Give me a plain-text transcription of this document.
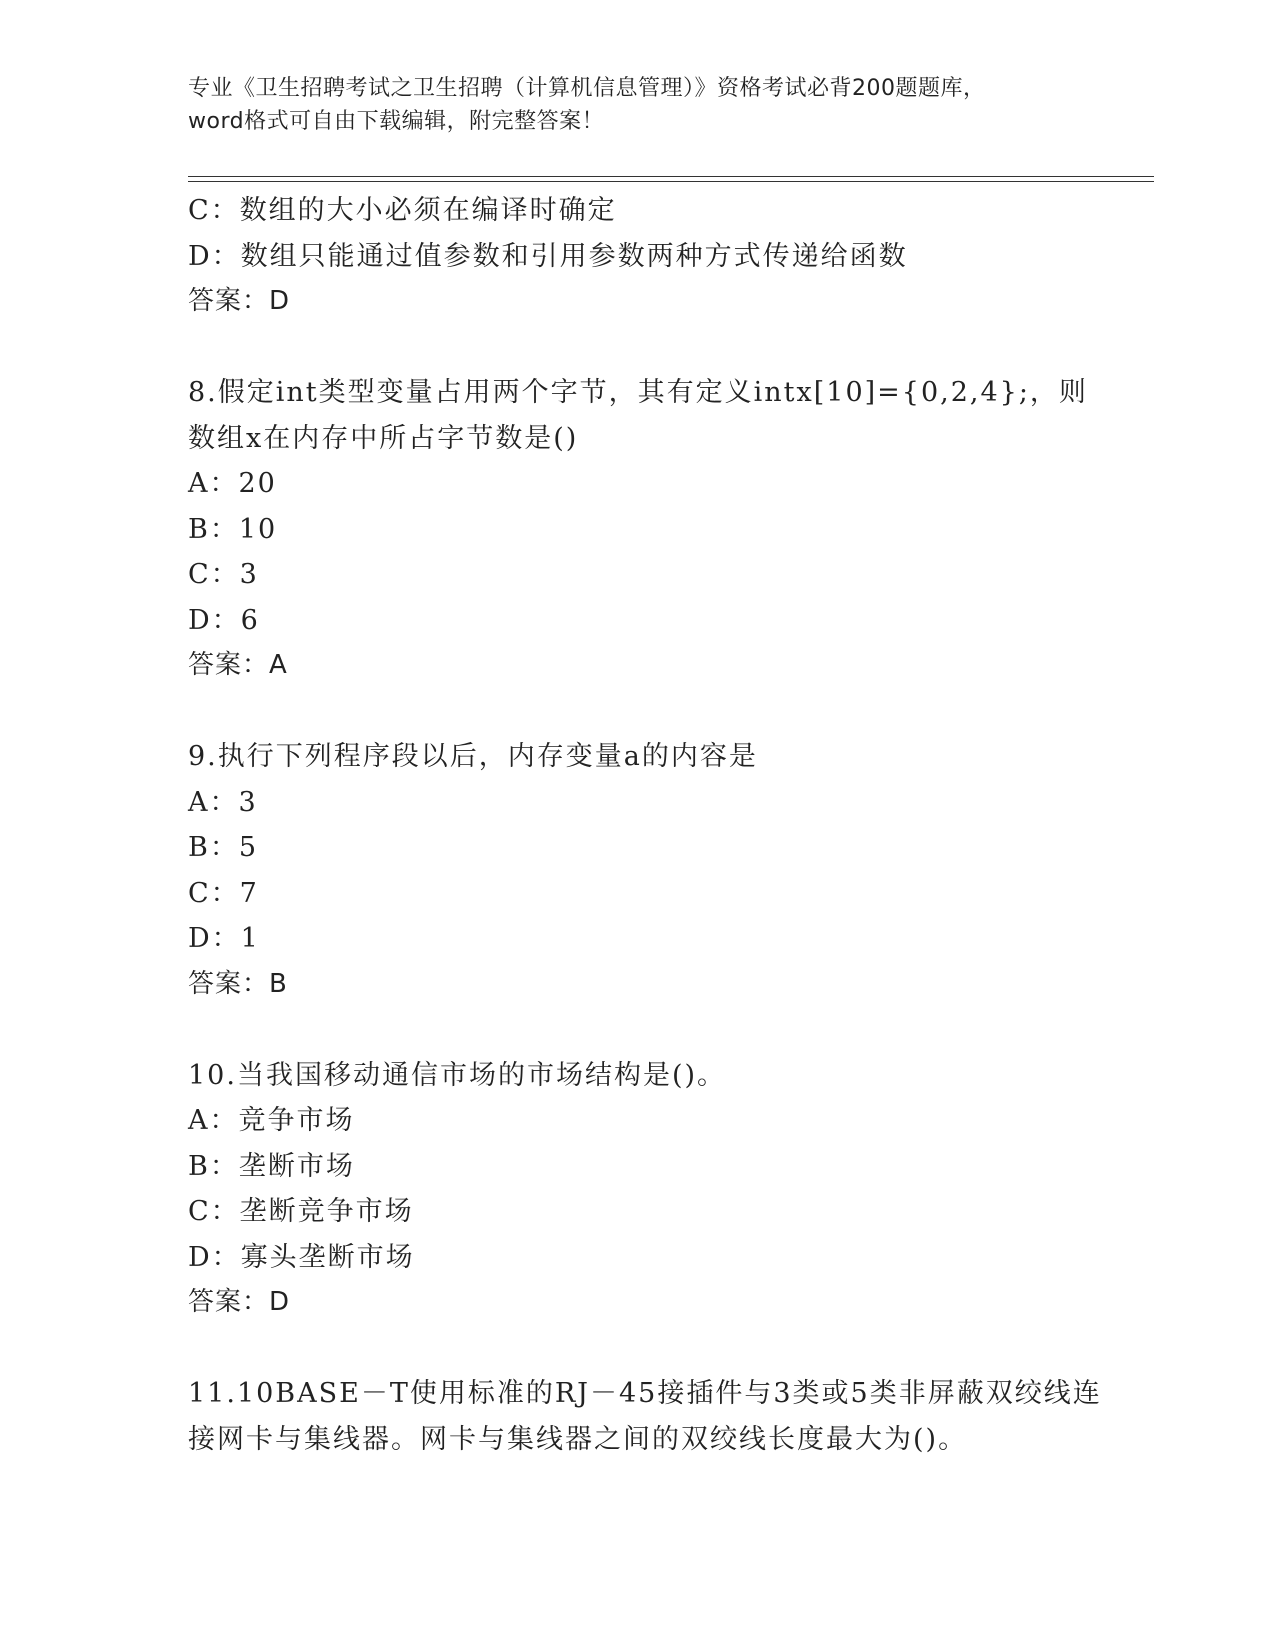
专业《卫生招聘考试之卫生招聘（计算机信息管理）》资格考试必背200题题库，
word格式可自由下载编辑，附完整答案！
C：数组的大小必须在编译时确定
D：数组只能通过值参数和引用参数两种方式传递给函数
答案：D
8.假定int类型变量占用两个字节，其有定义intx[10]={0,2,4};，则
数组x在内存中所占字节数是()
A：20
B：10
C：3
D：6
答案：A
9.执行下列程序段以后，内存变量a的内容是
A：3
B：5
C：7
D：1
答案：B
10.当我国移动通信市场的市场结构是()。
A：竞争市场
B：垄断市场
C：垄断竞争市场
D：寡头垄断市场
答案：D
11.10BASE－T使用标准的RJ－45接插件与3类或5类非屏蔽双绞线连
接网卡与集线器。网卡与集线器之间的双绞线长度最大为()。
